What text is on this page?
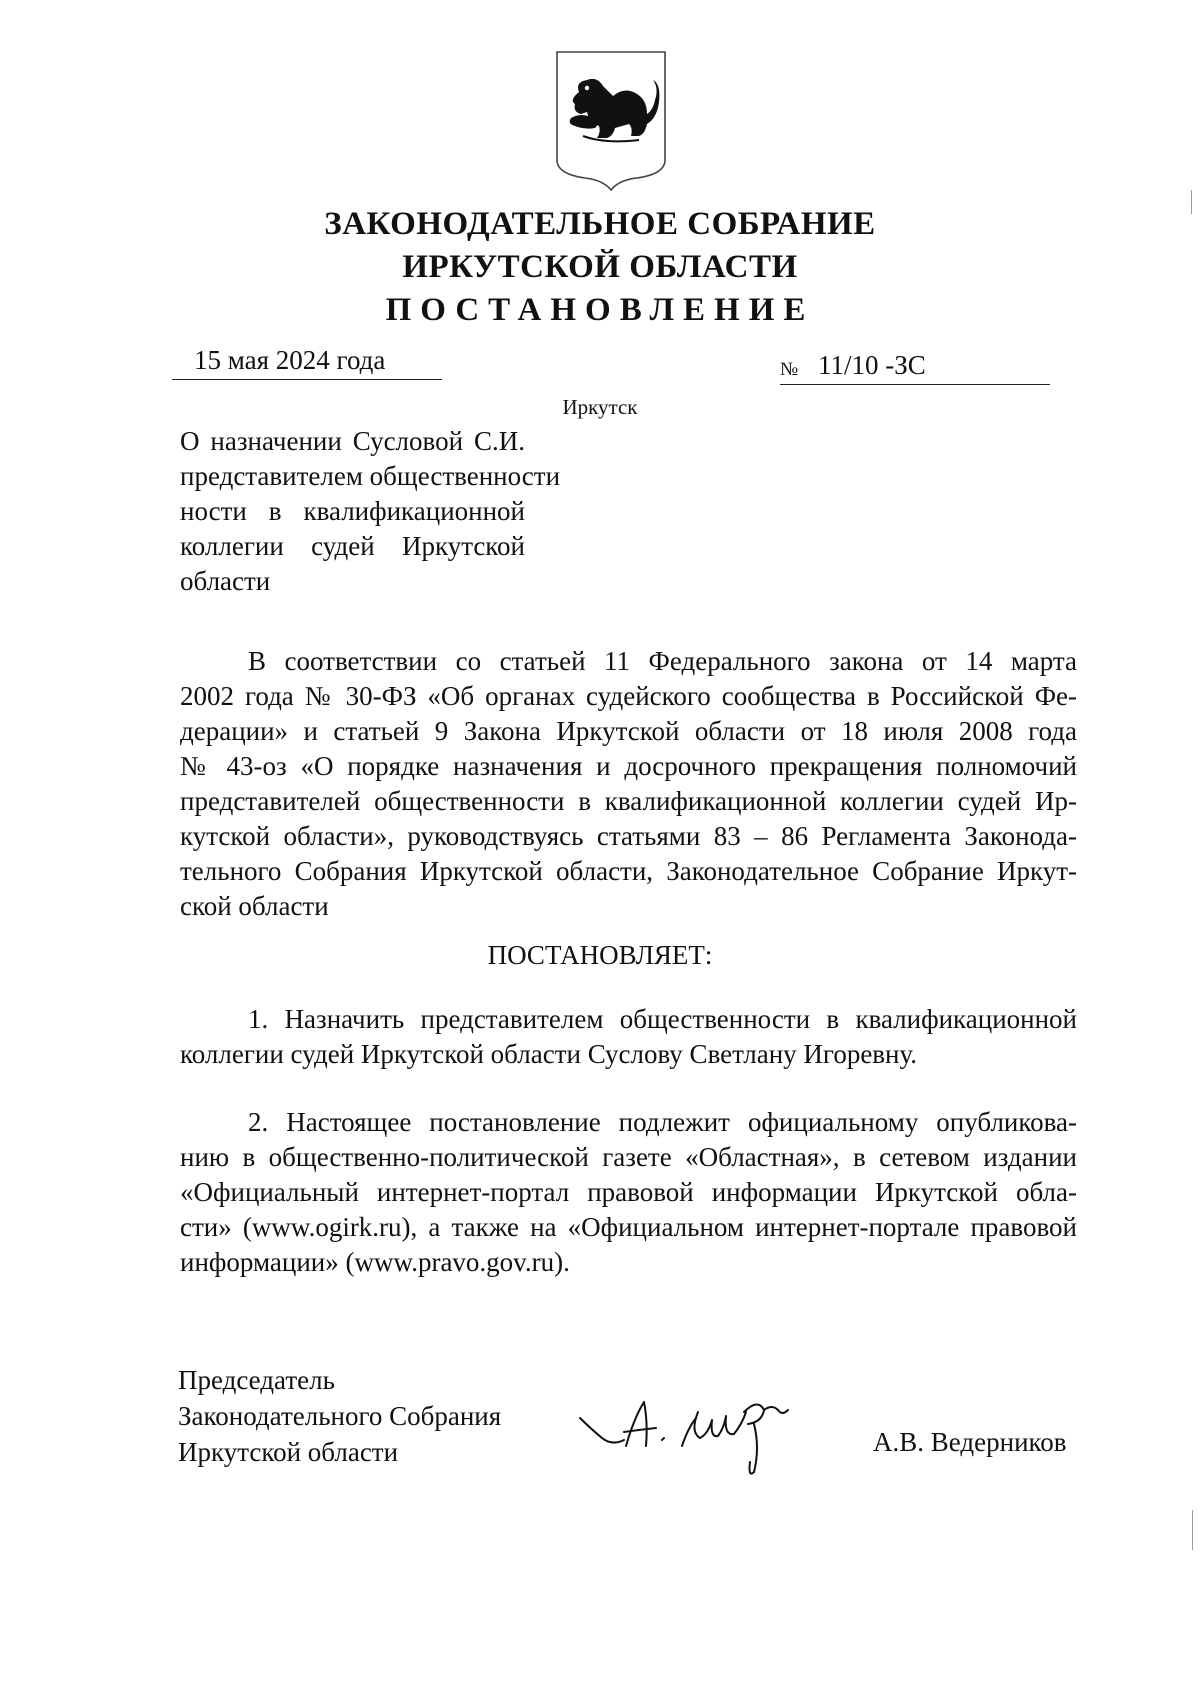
ЗАКОНОДАТЕЛЬНОЕ СОБРАНИЕ
ИРКУТСКОЙ ОБЛАСТИ
ПОСТАНОВЛЕНИЕ
15 мая 2024 года	№ 11/10 -ЗС
Иркутск
О назначении Сусловой С.И.
представителем общественности
ности в квалификационной
коллегии судей Иркутской
области
В соответствии со статьей 11 Федерального закона от 14 марта
2002 года № 30-ФЗ «Об органах судейского сообщества в Российской Фе-
дерации» и статьей 9 Закона Иркутской области от 18 июля 2008 года
№ 43-оз «О порядке назначения и досрочного прекращения полномочий
представителей общественности в квалификационной коллегии судей Ир-
кутской области», руководствуясь статьями 83 – 86 Регламента Законода-
тельного Собрания Иркутской области, Законодательное Собрание Иркут-
ской области
ПОСТАНОВЛЯЕТ:
1. Назначить представителем общественности в квалификационной
коллегии судей Иркутской области Суслову Светлану Игоревну.
2. Настоящее постановление подлежит официальному опубликова-
нию в общественно-политической газете «Областная», в сетевом издании
«Официальный интернет-портал правовой информации Иркутской обла-
сти» (www.ogirk.ru), а также на «Официальном интернет-портале правовой
информации» (www.pravo.gov.ru).
Председатель
Законодательного Собрания
Иркутской области	А.В. Ведерников
